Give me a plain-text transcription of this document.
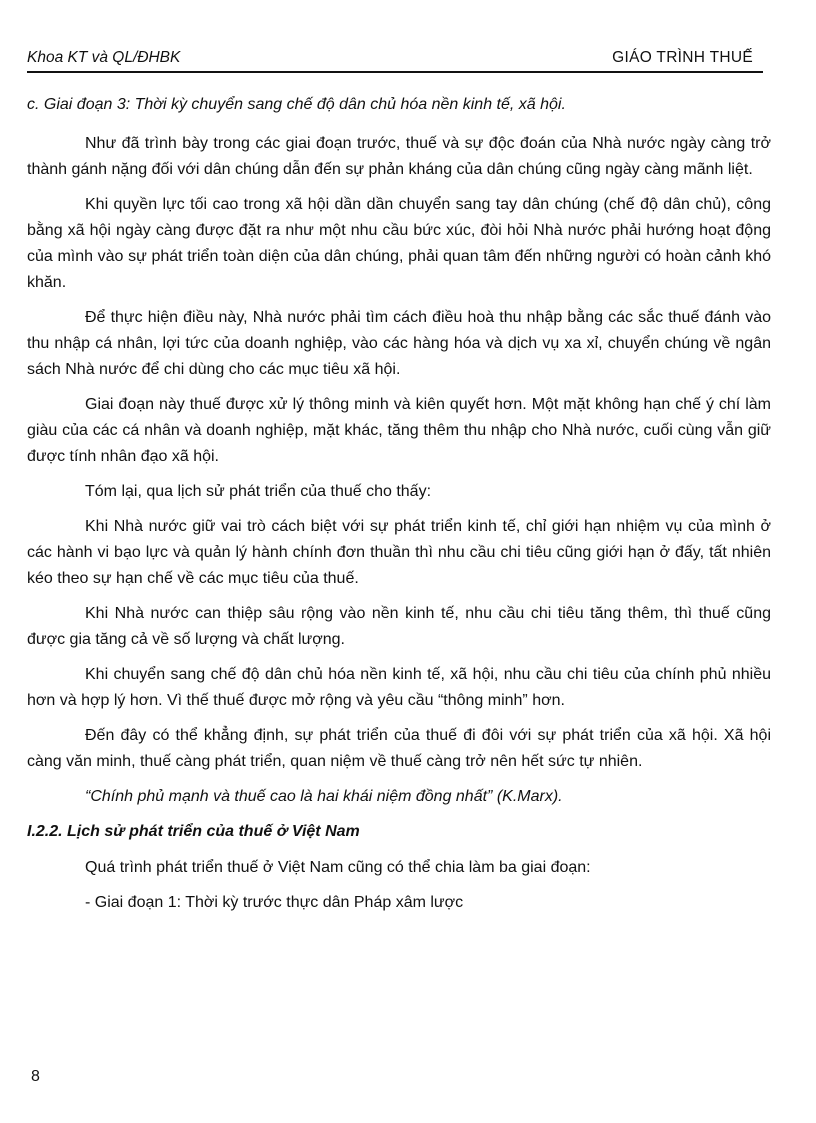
Khoa KT và QL/ĐHBK	GIÁO TRÌNH THUẾ

c. Giai đoạn 3: Thời kỳ chuyển sang chế độ dân chủ hóa nền kinh tế, xã hội.

Như đã trình bày trong các giai đoạn trước, thuế và sự độc đoán của Nhà nước ngày càng trở thành gánh nặng đối với dân chúng dẫn đến sự phản kháng của dân chúng cũng ngày càng mãnh liệt.

Khi quyền lực tối cao trong xã hội dần dần chuyển sang tay dân chúng (chế độ dân chủ), công bằng xã hội ngày càng được đặt ra như một nhu cầu bức xúc, đòi hỏi Nhà nước phải hướng hoạt động của mình vào sự phát triển toàn diện của dân chúng, phải quan tâm đến những người có hoàn cảnh khó khăn.

Để thực hiện điều này, Nhà nước phải tìm cách điều hoà thu nhập bằng các sắc thuế đánh vào thu nhập cá nhân, lợi tức của doanh nghiệp, vào các hàng hóa và dịch vụ xa xỉ, chuyển chúng về ngân sách Nhà nước để chi dùng cho các mục tiêu xã hội.

Giai đoạn này thuế được xử lý thông minh và kiên quyết hơn. Một mặt không hạn chế ý chí làm giàu của các cá nhân và doanh nghiệp, mặt khác, tăng thêm thu nhập cho Nhà nước, cuối cùng vẫn giữ được tính nhân đạo xã hội.

Tóm lại, qua lịch sử phát triển của thuế cho thấy:

Khi Nhà nước giữ vai trò cách biệt với sự phát triển kinh tế, chỉ giới hạn nhiệm vụ của mình ở các hành vi bạo lực và quản lý hành chính đơn thuần thì nhu cầu chi tiêu cũng giới hạn ở đấy, tất nhiên kéo theo sự hạn chế về các mục tiêu của thuế.

Khi Nhà nước can thiệp sâu rộng vào nền kinh tế, nhu cầu chi tiêu tăng thêm, thì thuế cũng được gia tăng cả về số lượng và chất lượng.

Khi chuyển sang chế độ dân chủ hóa nền kinh tế, xã hội, nhu cầu chi tiêu của chính phủ nhiều hơn và hợp lý hơn. Vì thế thuế được mở rộng và yêu cầu “thông minh” hơn.

Đến đây có thể khẳng định, sự phát triển của thuế đi đôi với sự phát triển của xã hội. Xã hội càng văn minh, thuế càng phát triển, quan niệm về thuế càng trở nên hết sức tự nhiên.

“Chính phủ mạnh và thuế cao là hai khái niệm đồng nhất” (K.Marx).

I.2.2. Lịch sử phát triển của thuế ở Việt Nam

Quá trình phát triển thuế ở Việt Nam cũng có thể chia làm ba giai đoạn:

- Giai đoạn 1: Thời kỳ trước thực dân Pháp xâm lược

8
